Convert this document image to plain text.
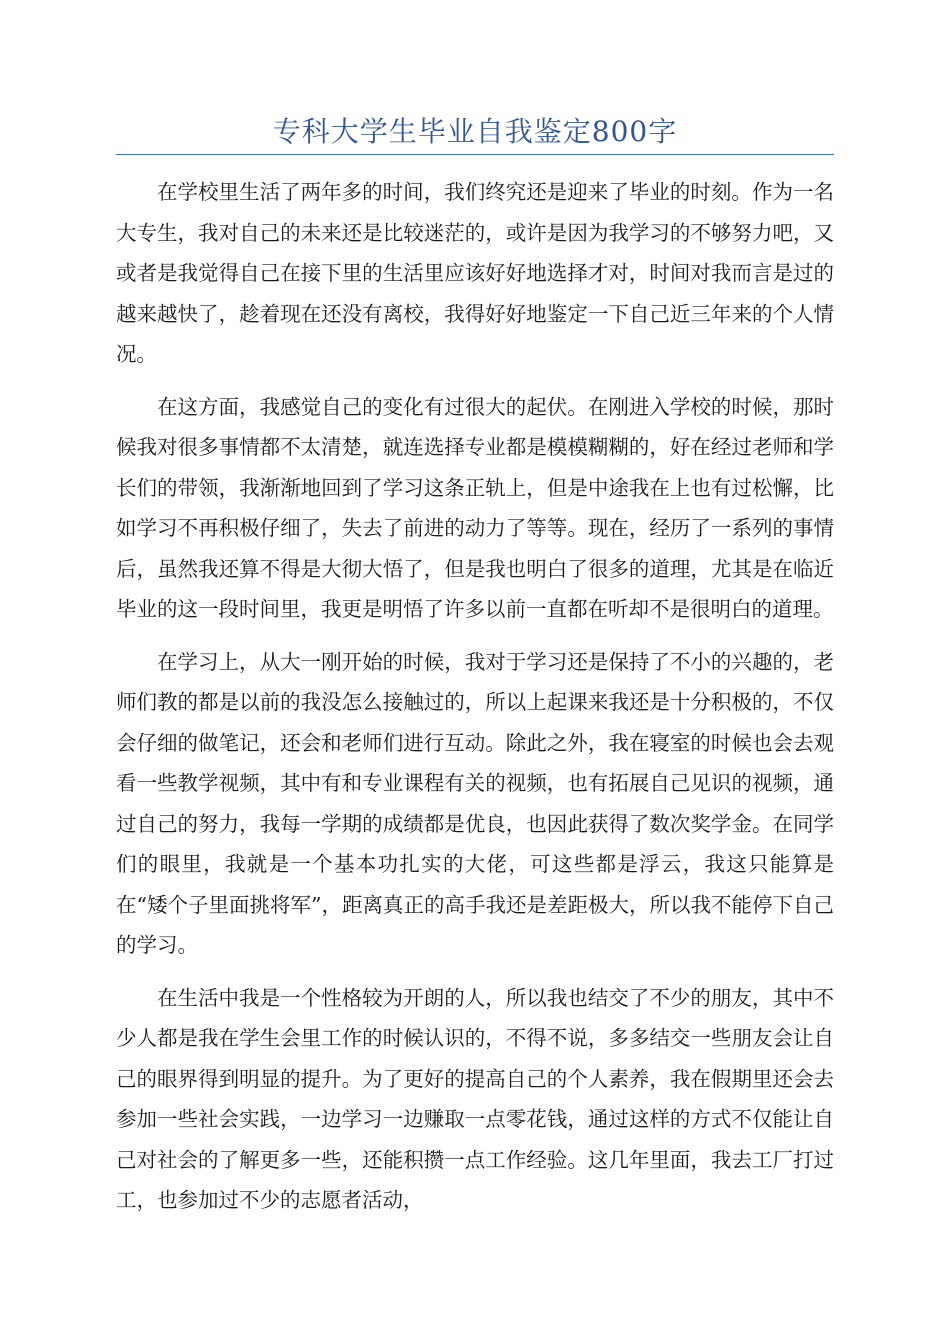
专科大学生毕业自我鉴定800字

在学校里生活了两年多的时间，我们终究还是迎来了毕业的时刻。作为一名大专生，我对自己的未来还是比较迷茫的，或许是因为我学习的不够努力吧，又或者是我觉得自己在接下里的生活里应该好好地选择才对，时间对我而言是过的越来越快了，趁着现在还没有离校，我得好好地鉴定一下自己近三年来的个人情况。

在这方面，我感觉自己的变化有过很大的起伏。在刚进入学校的时候，那时候我对很多事情都不太清楚，就连选择专业都是模模糊糊的，好在经过老师和学长们的带领，我渐渐地回到了学习这条正轨上，但是中途我在上也有过松懈，比如学习不再积极仔细了，失去了前进的动力了等等。现在，经历了一系列的事情后，虽然我还算不得是大彻大悟了，但是我也明白了很多的道理，尤其是在临近毕业的这一段时间里，我更是明悟了许多以前一直都在听却不是很明白的道理。

在学习上，从大一刚开始的时候，我对于学习还是保持了不小的兴趣的，老师们教的都是以前的我没怎么接触过的，所以上起课来我还是十分积极的，不仅会仔细的做笔记，还会和老师们进行互动。除此之外，我在寝室的时候也会去观看一些教学视频，其中有和专业课程有关的视频，也有拓展自己见识的视频，通过自己的努力，我每一学期的成绩都是优良，也因此获得了数次奖学金。在同学们的眼里，我就是一个基本功扎实的大佬，可这些都是浮云，我这只能算是在“矮个子里面挑将军”，距离真正的高手我还是差距极大，所以我不能停下自己的学习。

在生活中我是一个性格较为开朗的人，所以我也结交了不少的朋友，其中不少人都是我在学生会里工作的时候认识的，不得不说，多多结交一些朋友会让自己的眼界得到明显的提升。为了更好的提高自己的个人素养，我在假期里还会去参加一些社会实践，一边学习一边赚取一点零花钱，通过这样的方式不仅能让自己对社会的了解更多一些，还能积攒一点工作经验。这几年里面，我去工厂打过工，也参加过不少的志愿者活动，
